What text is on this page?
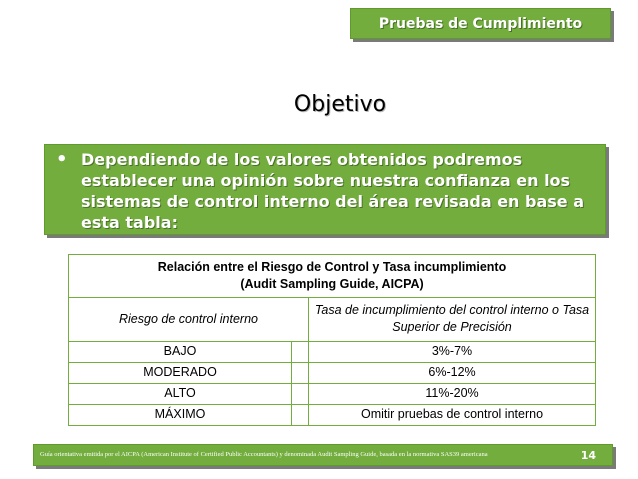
Pruebas de Cumplimiento
Objetivo
• Dependiendo de los valores obtenidos podremos establecer una opinión sobre nuestra confianza en los sistemas de control interno del área revisada en base a esta tabla:

Relación entre el Riesgo de Control y Tasa incumplimiento
(Audit Sampling Guide, AICPA)		

Riesgo de control interno		Tasa de incumplimiento del control interno o Tasa Superior de Precisión
BAJO		3%-7%
MODERADO		6%-12%
ALTO		11%-20%
MÁXIMO		Omitir pruebas de control interno
Guía orientativa emitida por el AICPA (American Institute of Certified Public Accountants) y denominada Audit Sampling Guide, basada en la normativa SAS39 americana	14
